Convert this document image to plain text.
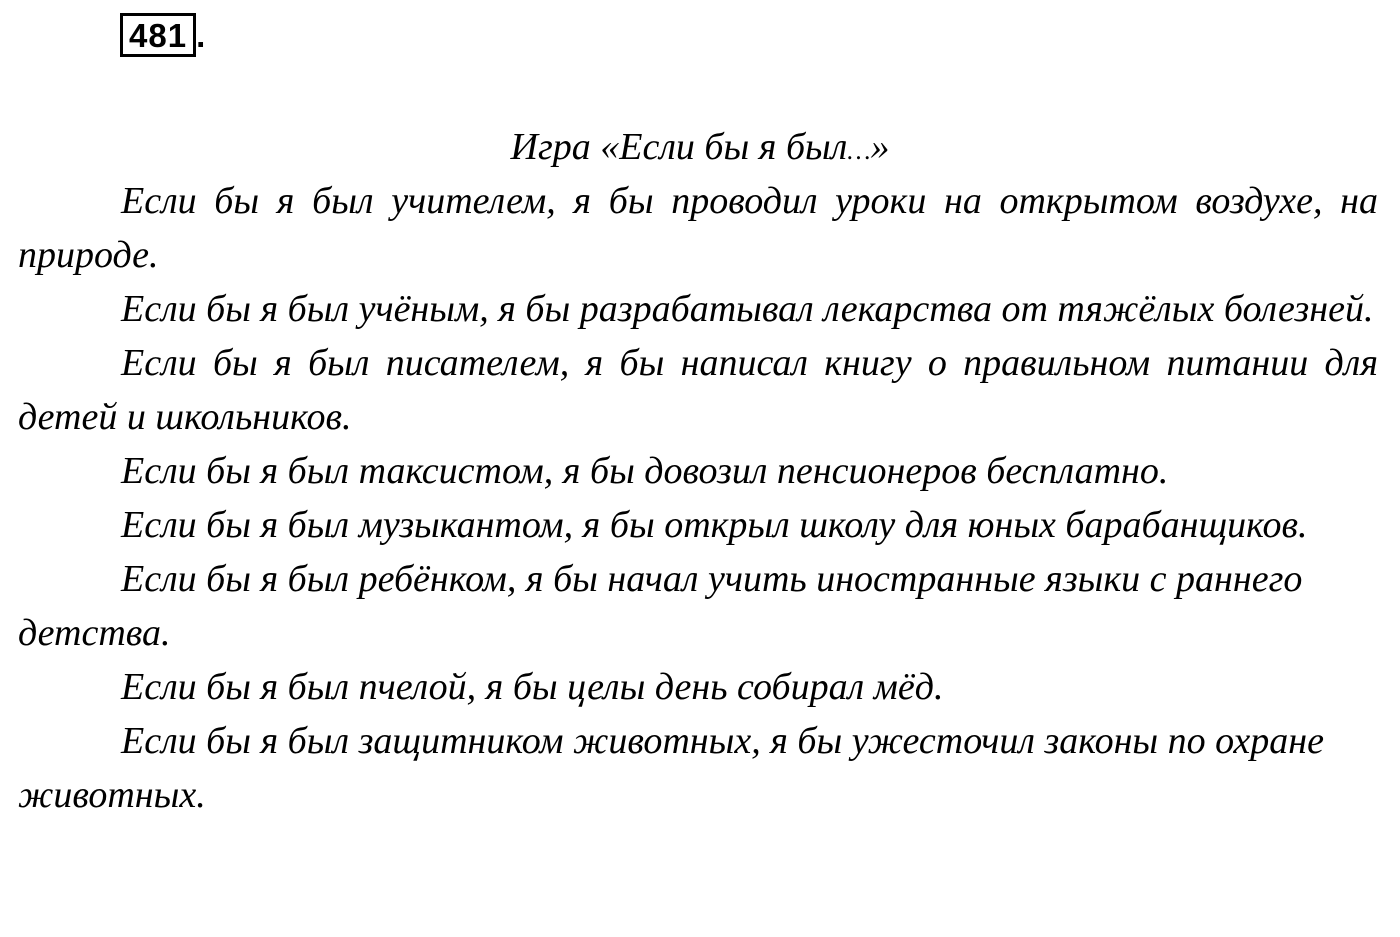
481 .
Игра «Если бы я был…»

Если бы я был учителем, я бы проводил уроки на открытом воздухе, на природе.

Если бы я был учёным, я бы разрабатывал лекарства от тяжёлых болезней.

Если бы я был писателем, я бы написал книгу о правильном питании для детей и школьников.

Если бы я был таксистом, я бы довозил пенсионеров бесплатно.

Если бы я был музыкантом, я бы открыл школу для юных барабанщиков.

Если бы я был ребёнком, я бы начал учить иностранные языки с раннего детства.

Если бы я был пчелой, я бы целы день собирал мёд.

Если бы я был защитником животных, я бы ужесточил законы по охране животных.
